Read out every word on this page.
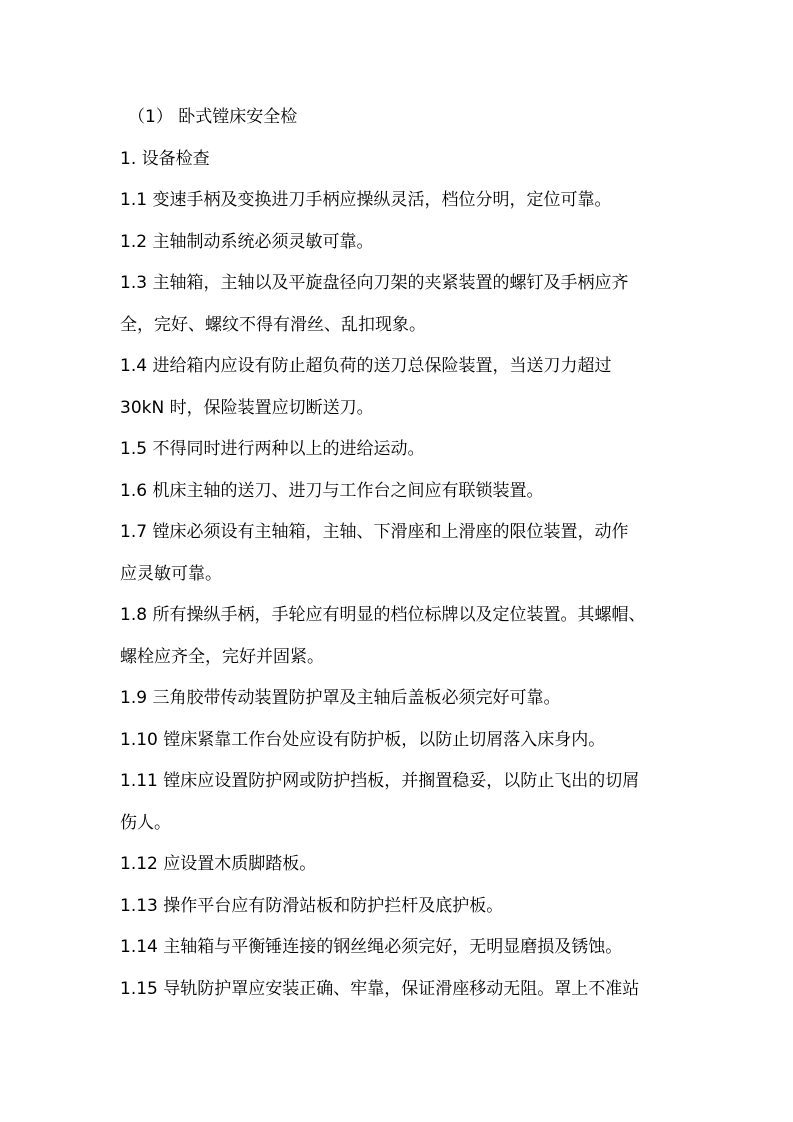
（1） 卧式镗床安全检
1. 设备检查
1.1 变速手柄及变换进刀手柄应操纵灵活，档位分明，定位可靠。
1.2 主轴制动系统必须灵敏可靠。
1.3 主轴箱，主轴以及平旋盘径向刀架的夹紧装置的螺钉及手柄应齐
全，完好、螺纹不得有滑丝、乱扣现象。
1.4 进给箱内应设有防止超负荷的送刀总保险装置，当送刀力超过
30kN 时，保险装置应切断送刀。
1.5 不得同时进行两种以上的进给运动。
1.6 机床主轴的送刀、进刀与工作台之间应有联锁装置。
1.7 镗床必须设有主轴箱，主轴、下滑座和上滑座的限位装置，动作
应灵敏可靠。
1.8 所有操纵手柄，手轮应有明显的档位标牌以及定位装置。其螺帽、
螺栓应齐全，完好并固紧。
1.9 三角胶带传动装置防护罩及主轴后盖板必须完好可靠。
1.10 镗床紧靠工作台处应设有防护板，以防止切屑落入床身内。
1.11 镗床应设置防护网或防护挡板，并搁置稳妥，以防止飞出的切屑
伤人。
1.12 应设置木质脚踏板。
1.13 操作平台应有防滑站板和防护拦杆及底护板。
1.14 主轴箱与平衡锤连接的钢丝绳必须完好，无明显磨损及锈蚀。
1.15 导轨防护罩应安装正确、牢靠，保证滑座移动无阻。罩上不准站
